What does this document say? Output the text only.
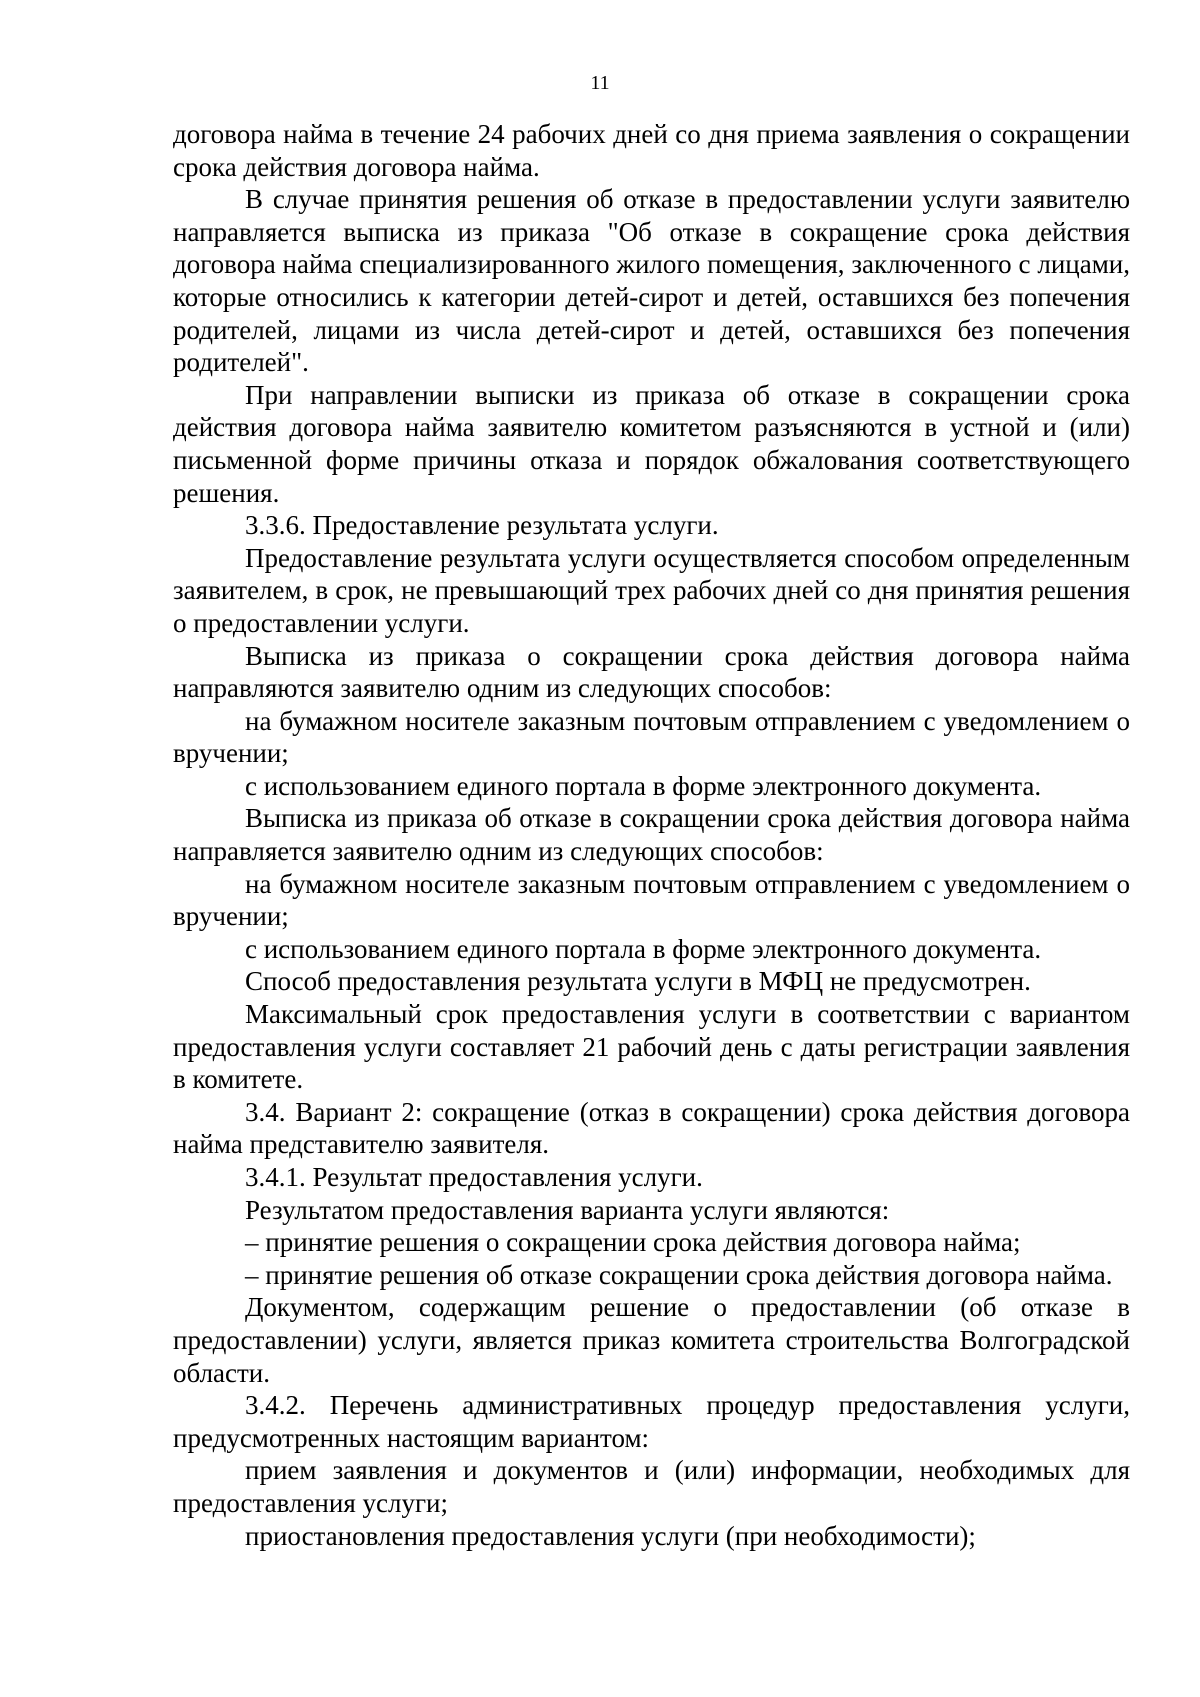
11

договора найма в течение 24 рабочих дней со дня приема заявления о сокращении срока действия договора найма.

В случае принятия решения об отказе в предоставлении услуги заявителю направляется выписка из приказа "Об отказе в сокращение срока действия договора найма специализированного жилого помещения, заключенного с лицами, которые относились к категории детей-сирот и детей, оставшихся без попечения родителей, лицами из числа детей-сирот и детей, оставшихся без попечения родителей".

При направлении выписки из приказа об отказе в сокращении срока действия договора найма заявителю комитетом разъясняются в устной и (или) письменной форме причины отказа и порядок обжалования соответствующего решения.

3.3.6. Предоставление результата услуги.

Предоставление результата услуги осуществляется способом определенным заявителем, в срок, не превышающий трех рабочих дней со дня принятия решения о предоставлении услуги.

Выписка из приказа о сокращении срока действия договора найма направляются заявителю одним из следующих способов:

на бумажном носителе заказным почтовым отправлением с уведомлением о вручении;

с использованием единого портала в форме электронного документа.

Выписка из приказа об отказе в сокращении срока действия договора найма направляется заявителю одним из следующих способов:

на бумажном носителе заказным почтовым отправлением с уведомлением о вручении;

с использованием единого портала в форме электронного документа.

Способ предоставления результата услуги в МФЦ не предусмотрен.

Максимальный срок предоставления услуги в соответствии с вариантом предоставления услуги составляет 21 рабочий день с даты регистрации заявления в комитете.

3.4. Вариант 2: сокращение (отказ в сокращении) срока действия договора найма представителю заявителя.

3.4.1. Результат предоставления услуги.

Результатом предоставления варианта услуги являются:

– принятие решения о сокращении срока действия договора найма;

– принятие решения об отказе сокращении срока действия договора найма.

Документом, содержащим решение о предоставлении (об отказе в предоставлении) услуги, является приказ комитета строительства Волгоградской области.

3.4.2. Перечень административных процедур предоставления услуги, предусмотренных настоящим вариантом:

прием заявления и документов и (или) информации, необходимых для предоставления услуги;

приостановления предоставления услуги (при необходимости);
